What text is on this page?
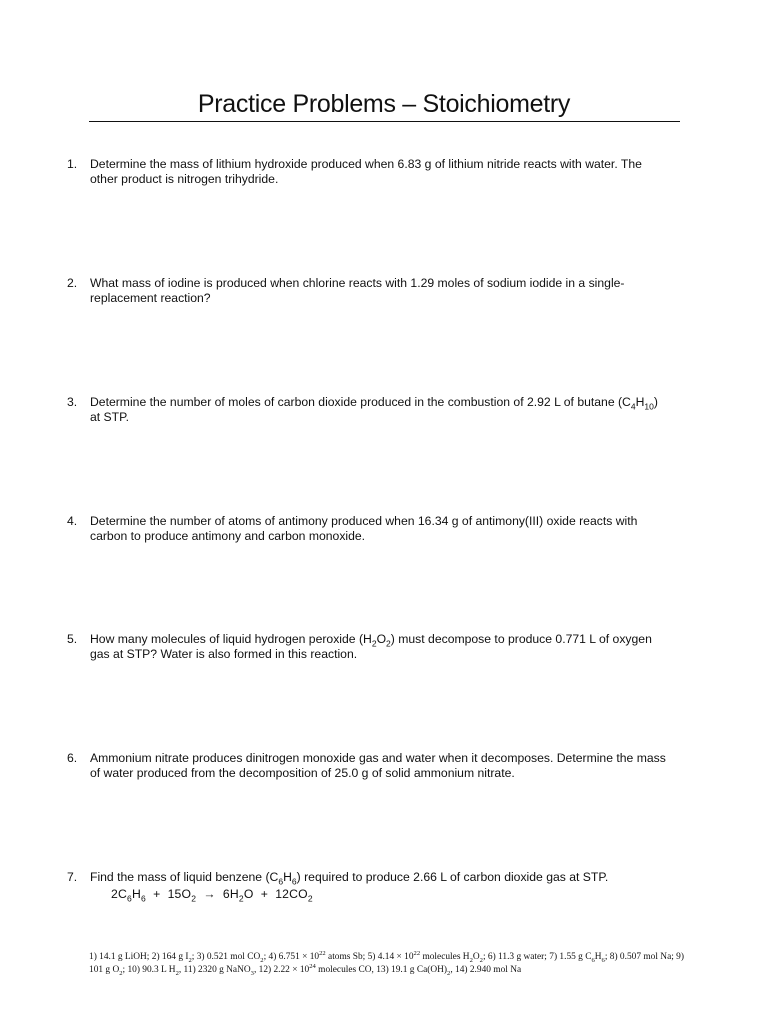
Practice Problems – Stoichiometry
1. Determine the mass of lithium hydroxide produced when 6.83 g of lithium nitride reacts with water. The other product is nitrogen trihydride.
2. What mass of iodine is produced when chlorine reacts with 1.29 moles of sodium iodide in a single-replacement reaction?
3. Determine the number of moles of carbon dioxide produced in the combustion of 2.92 L of butane $(C_4H_{10})$ at STP.
4. Determine the number of atoms of antimony produced when 16.34 g of antimony(III) oxide reacts with carbon to produce antimony and carbon monoxide.
5. How many molecules of liquid hydrogen peroxide $(H_2O_2)$ must decompose to produce 0.771 L of oxygen gas at STP? Water is also formed in this reaction.
6. Ammonium nitrate produces dinitrogen monoxide gas and water when it decomposes. Determine the mass of water produced from the decomposition of 25.0 g of solid ammonium nitrate.
7. Find the mass of liquid benzene $(C_6H_6)$ required to produce 2.66 L of carbon dioxide gas at STP.
$2C_6H_6 + 15O_2 \to 6H_2O + 12CO_2$
1) 14.1 g LiOH; 2) 164 g $I_2$; 3) 0.521 mol $CO_2$; 4) $6.751 \times 10^{22}$ atoms Sb; 5) $4.14 \times 10^{22}$ molecules $H_2O_2$; 6) 11.3 g water; 7) 1.55 g $C_6H_6$; 8) 0.507 mol Na; 9) 101 g $O_2$; 10) 90.3 L $H_2$, 11) 2320 g NaNO$_3$, 12) $2.22 \times 10^{24}$ molecules CO, 13) 19.1 g $Ca(OH)_2$, 14) 2.940 mol Na
